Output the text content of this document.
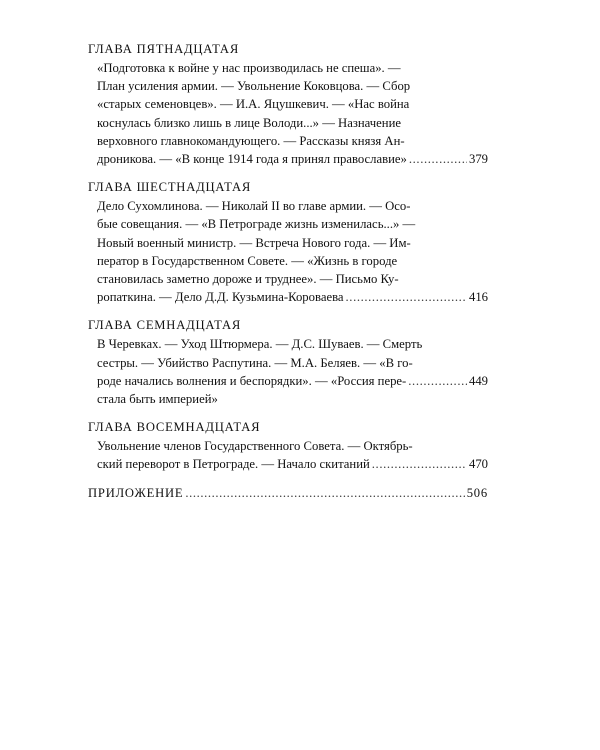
ГЛАВА ПЯТНАДЦАТАЯ
«Подготовка к войне у нас производилась не спеша». —
План усиления армии. — Увольнение Коковцова. — Сбор
«старых семеновцев». — И.А. Яцушкевич. — «Нас война
коснулась близко лишь в лице Володи...» — Назначение
верховного главнокомандующего. — Рассказы князя Ан-
дроникова. — «В конце 1914 года я принял православие» .....	379
ГЛАВА ШЕСТНАДЦАТАЯ
Дело Сухомлинова. — Николай II во главе армии. — Осо-
бые совещания. — «В Петрограде жизнь изменилась...» —
Новый военный министр. — Встреча Нового года. — Им-
ператор в Государственном Совете. — «Жизнь в городе
становилась заметно дороже и труднее». — Письмо Ку-
ропаткина. — Дело Д.Д. Кузьмина-Короваева .....	416
ГЛАВА СЕМНАДЦАТАЯ
В Черевках. — Уход Штюрмера. — Д.С. Шуваев. — Смерть
сестры. — Убийство Распутина. — М.А. Беляев. — «В го-
роде начались волнения и беспорядки». — «Россия пере- .....	449
стала быть империей»
ГЛАВА ВОСЕМНАДЦАТАЯ
Увольнение членов Государственного Совета. — Октябрь-
ский переворот в Петрограде. — Начало скитаний .....	470
ПРИЛОЖЕНИЕ .....	506
